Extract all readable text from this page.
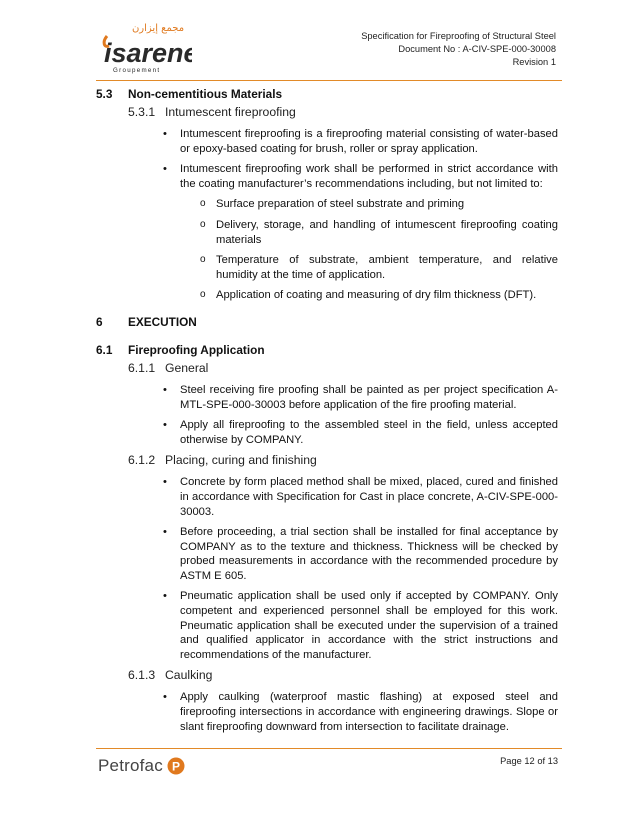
مجمع إيزارن
isarene
Groupement
Specification for Fireproofing of Structural Steel
Document No : A-CIV-SPE-000-30008
Revision 1
5.3 Non-cementitious Materials
5.3.1 Intumescent fireproofing
• Intumescent fireproofing is a fireproofing material consisting of water-based or epoxy-based coating for brush, roller or spray application.
• Intumescent fireproofing work shall be performed in strict accordance with the coating manufacturer’s recommendations including, but not limited to:
o Surface preparation of steel substrate and priming
o Delivery, storage, and handling of intumescent fireproofing coating materials
o Temperature of substrate, ambient temperature, and relative humidity at the time of application.
o Application of coating and measuring of dry film thickness (DFT).
6 EXECUTION
6.1 Fireproofing Application
6.1.1 General
• Steel receiving fire proofing shall be painted as per project specification A-MTL-SPE-000-30003 before application of the fire proofing material.
• Apply all fireproofing to the assembled steel in the field, unless accepted otherwise by COMPANY.
6.1.2 Placing, curing and finishing
• Concrete by form placed method shall be mixed, placed, cured and finished in accordance with Specification for Cast in place concrete, A-CIV-SPE-000-30003.
• Before proceeding, a trial section shall be installed for final acceptance by COMPANY as to the texture and thickness. Thickness will be checked by probed measurements in accordance with the recommended procedure by ASTM E 605.
• Pneumatic application shall be used only if accepted by COMPANY. Only competent and experienced personnel shall be employed for this work. Pneumatic application shall be executed under the supervision of a trained and qualified applicator in accordance with the strict instructions and recommendations of the manufacturer.
6.1.3 Caulking
• Apply caulking (waterproof mastic flashing) at exposed steel and fireproofing intersections in accordance with engineering drawings. Slope or slant fireproofing downward from intersection to facilitate drainage.
Petrofac P	Page 12 of 13
